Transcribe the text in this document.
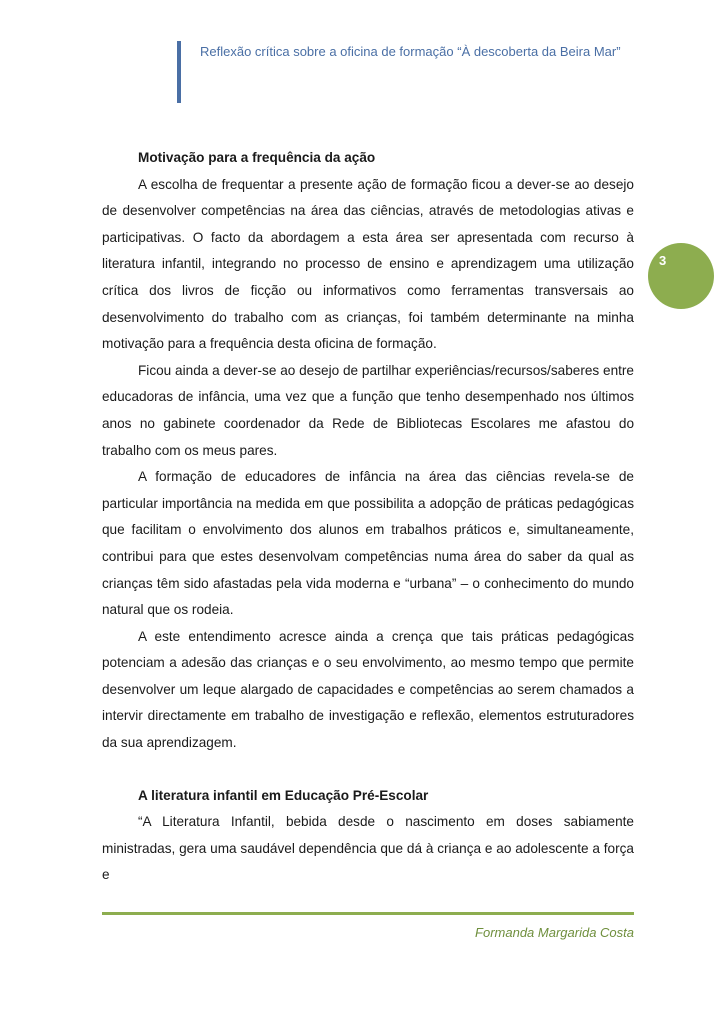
Reflexão crítica sobre a oficina de formação “À descoberta da Beira Mar”
3
Motivação para a frequência da ação

A escolha de frequentar a presente ação de formação ficou a dever-se ao desejo de desenvolver competências na área das ciências, através de metodologias ativas e participativas. O facto da abordagem a esta área ser apresentada com recurso à literatura infantil, integrando no processo de ensino e aprendizagem uma utilização crítica dos livros de ficção ou informativos como ferramentas transversais ao desenvolvimento do trabalho com as crianças, foi também determinante na minha motivação para a frequência desta oficina de formação.

Ficou ainda a dever-se ao desejo de partilhar experiências/recursos/saberes entre educadoras de infância, uma vez que a função que tenho desempenhado nos últimos anos no gabinete coordenador da Rede de Bibliotecas Escolares me afastou do trabalho com os meus pares.

A formação de educadores de infância na área das ciências revela-se de particular importância na medida em que possibilita a adopção de práticas pedagógicas que facilitam o envolvimento dos alunos em trabalhos práticos e, simultaneamente, contribui para que estes desenvolvam competências numa área do saber da qual as crianças têm sido afastadas pela vida moderna e “urbana” – o conhecimento do mundo natural que os rodeia.

A este entendimento acresce ainda a crença que tais práticas pedagógicas potenciam a adesão das crianças e o seu envolvimento, ao mesmo tempo que permite desenvolver um leque alargado de capacidades e competências ao serem chamados a intervir directamente em trabalho de investigação e reflexão, elementos estruturadores da sua aprendizagem.

A literatura infantil em Educação Pré-Escolar

“A Literatura Infantil, bebida desde o nascimento em doses sabiamente ministradas, gera uma saudável dependência que dá à criança e ao adolescente a força e

Formanda Margarida Costa
